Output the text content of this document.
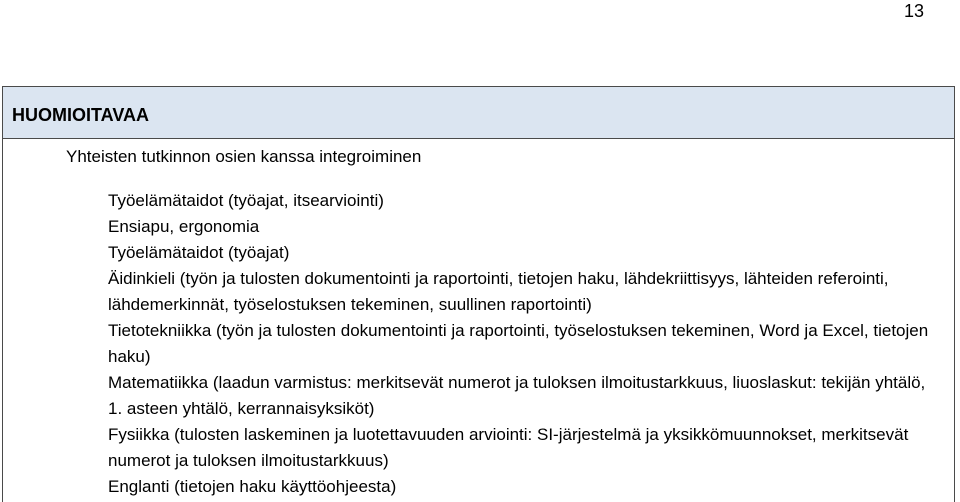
13
HUOMIOITAVAA
Yhteisten tutkinnon osien kanssa integroiminen
Työelämätaidot (työajat, itsearviointi)
Ensiapu, ergonomia
Työelämätaidot (työajat)
Äidinkieli (työn ja tulosten dokumentointi ja raportointi, tietojen haku, lähdekriittisyys, lähteiden referointi, lähdemerkinnät, työselostuksen tekeminen, suullinen raportointi)
Tietotekniikka (työn ja tulosten dokumentointi ja raportointi, työselostuksen tekeminen, Word ja Excel, tietojen haku)
Matematiikka (laadun varmistus: merkitsevät numerot ja tuloksen ilmoitustarkkuus, liuoslaskut: tekijän yhtälö, 1. asteen yhtälö, kerrannaisyksiköt)
Fysiikka (tulosten laskeminen ja luotettavuuden arviointi: SI-järjestelmä ja yksikkömuunnokset, merkitsevät numerot ja tuloksen ilmoitustarkkuus)
Englanti (tietojen haku käyttöohjeesta)
